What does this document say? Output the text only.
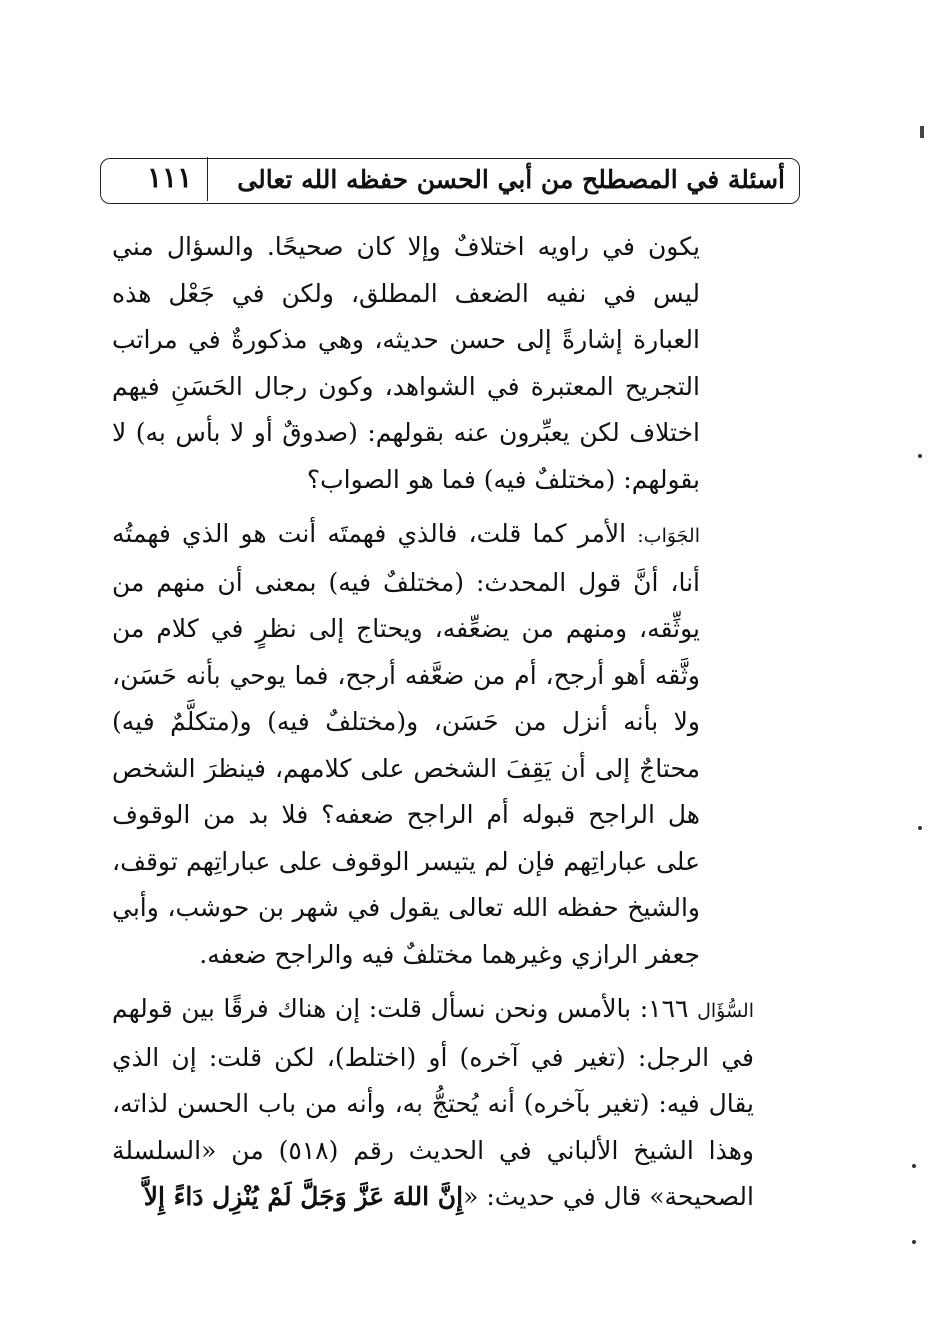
١١١ أسئلة في المصطلح من أبي الحسن حفظه الله تعالى

يكون في راويه اختلافٌ وإلا كان صحيحًا. والسؤال مني ليس في نفيه الضعف المطلق، ولكن في جَعْل هذه العبارة إشارةً إلى حسن حديثه، وهي مذكورةٌ في مراتب التجريح المعتبرة في الشواهد، وكون رجال الحَسَنِ فيهم اختلاف لكن يعبِّرون عنه بقولهم: (صدوقٌ أو لا بأس به) لا بقولهم: (مختلفٌ فيه) فما هو الصواب؟

الجَوَاب: الأمر كما قلت، فالذي فهمتَه أنت هو الذي فهمتُه أنا، أنَّ قول المحدث: (مختلفٌ فيه) بمعنى أن منهم من يوثِّقه، ومنهم من يضعِّفه، ويحتاج إلى نظرٍ في كلام من وثَّقه أهو أرجح، أم من ضعَّفه أرجح، فما يوحي بأنه حَسَن، ولا بأنه أنزل من حَسَن، و(مختلفٌ فيه) و(متكلَّمٌ فيه) محتاجٌ إلى أن يَقِفَ الشخص على كلامهم، فينظرَ الشخص هل الراجح قبوله أم الراجح ضعفه؟ فلا بد من الوقوف على عباراتِهم فإن لم يتيسر الوقوف على عباراتِهم توقف، والشيخ حفظه الله تعالى يقول في شهر بن حوشب، وأبي جعفر الرازي وغيرهما مختلفٌ فيه والراجح ضعفه.

السُّؤَال ١٦٦: بالأمس ونحن نسأل قلت: إن هناك فرقًا بين قولهم في الرجل: (تغير في آخره) أو (اختلط)، لكن قلت: إن الذي يقال فيه: (تغير بآخره) أنه يُحتجُّ به، وأنه من باب الحسن لذاته، وهذا الشيخ الألباني في الحديث رقم (٥١٨) من «السلسلة الصحيحة» قال في حديث: «إِنَّ اللهَ عَزَّ وَجَلَّ لَمْ يُنْزِل دَاءً إِلاَّ
